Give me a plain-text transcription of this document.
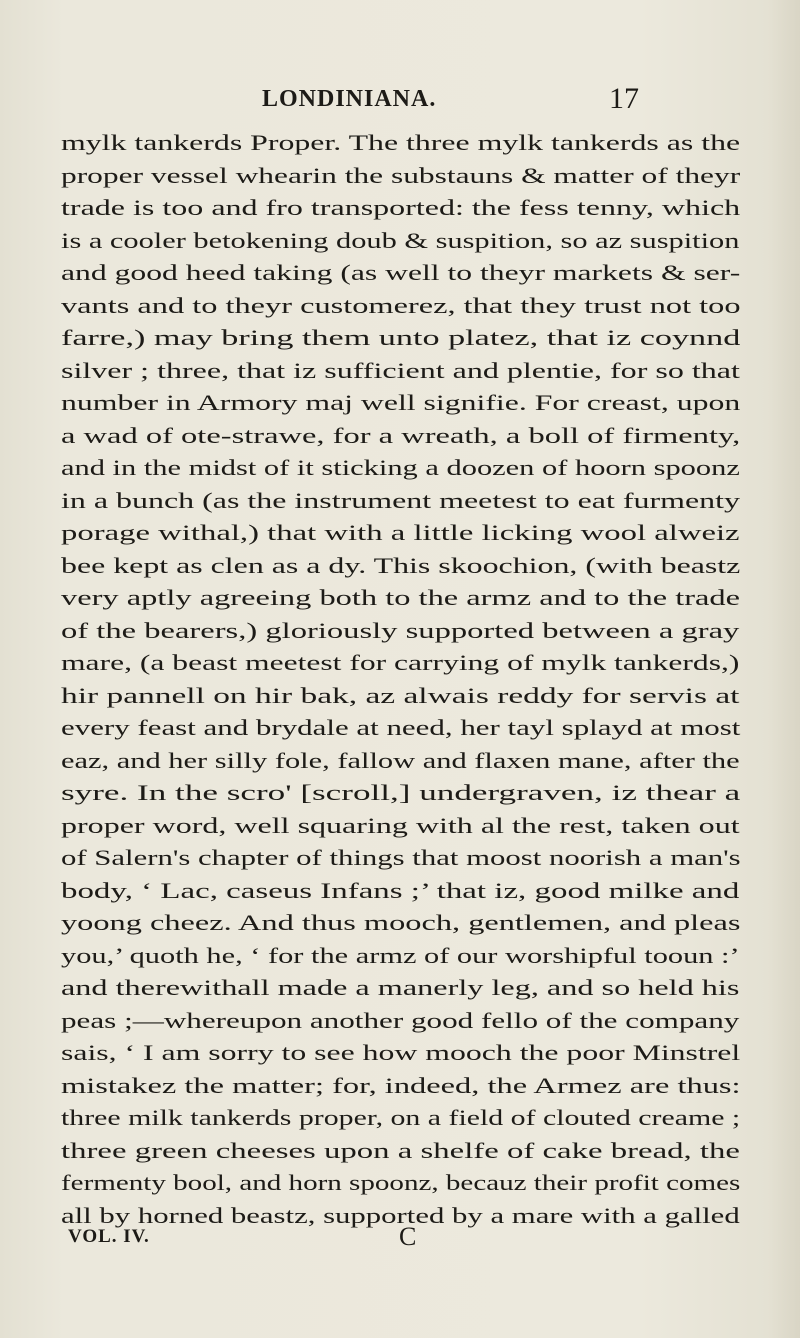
LONDINIANA.	17
mylk tankerds Proper. The three mylk tankerds as the
proper vessel whearin the substauns & matter of theyr
trade is too and fro transported: the fess tenny, which
is a cooler betokening doub & suspition, so az suspition
and good heed taking (as well to theyr markets & ser-
vants and to theyr customerez, that they trust not too
farre,) may bring them unto platez, that iz coynnd
silver ; three, that iz sufficient and plentie, for so that
number in Armory maj well signifie. For creast, upon
a wad of ote-strawe, for a wreath, a boll of firmenty,
and in the midst of it sticking a doozen of hoorn spoonz
in a bunch (as the instrument meetest to eat furmenty
porage withal,) that with a little licking wool alweiz
bee kept as clen as a dy. This skoochion, (with beastz
very aptly agreeing both to the armz and to the trade
of the bearers,) gloriously supported between a gray
mare, (a beast meetest for carrying of mylk tankerds,)
hir pannell on hir bak, az alwais reddy for servis at
every feast and brydale at need, her tayl splayd at most
eaz, and her silly fole, fallow and flaxen mane, after the
syre. In the scro' [scroll,] undergraven, iz thear a
proper word, well squaring with al the rest, taken out
of Salern's chapter of things that moost noorish a man's
body, ‘ Lac, caseus Infans ;’ that iz, good milke and
yoong cheez. And thus mooch, gentlemen, and pleas
you,’ quoth he, ‘ for the armz of our worshipful tooun :’
and therewithall made a manerly leg, and so held his
peas ;—whereupon another good fello of the company
sais, ‘ I am sorry to see how mooch the poor Minstrel
mistakez the matter; for, indeed, the Armez are thus:
three milk tankerds proper, on a field of clouted creame ;
three green cheeses upon a shelfe of cake bread, the
fermenty bool, and horn spoonz, becauz their profit comes
all by horned beastz, supported by a mare with a galled
VOL. IV.	C
